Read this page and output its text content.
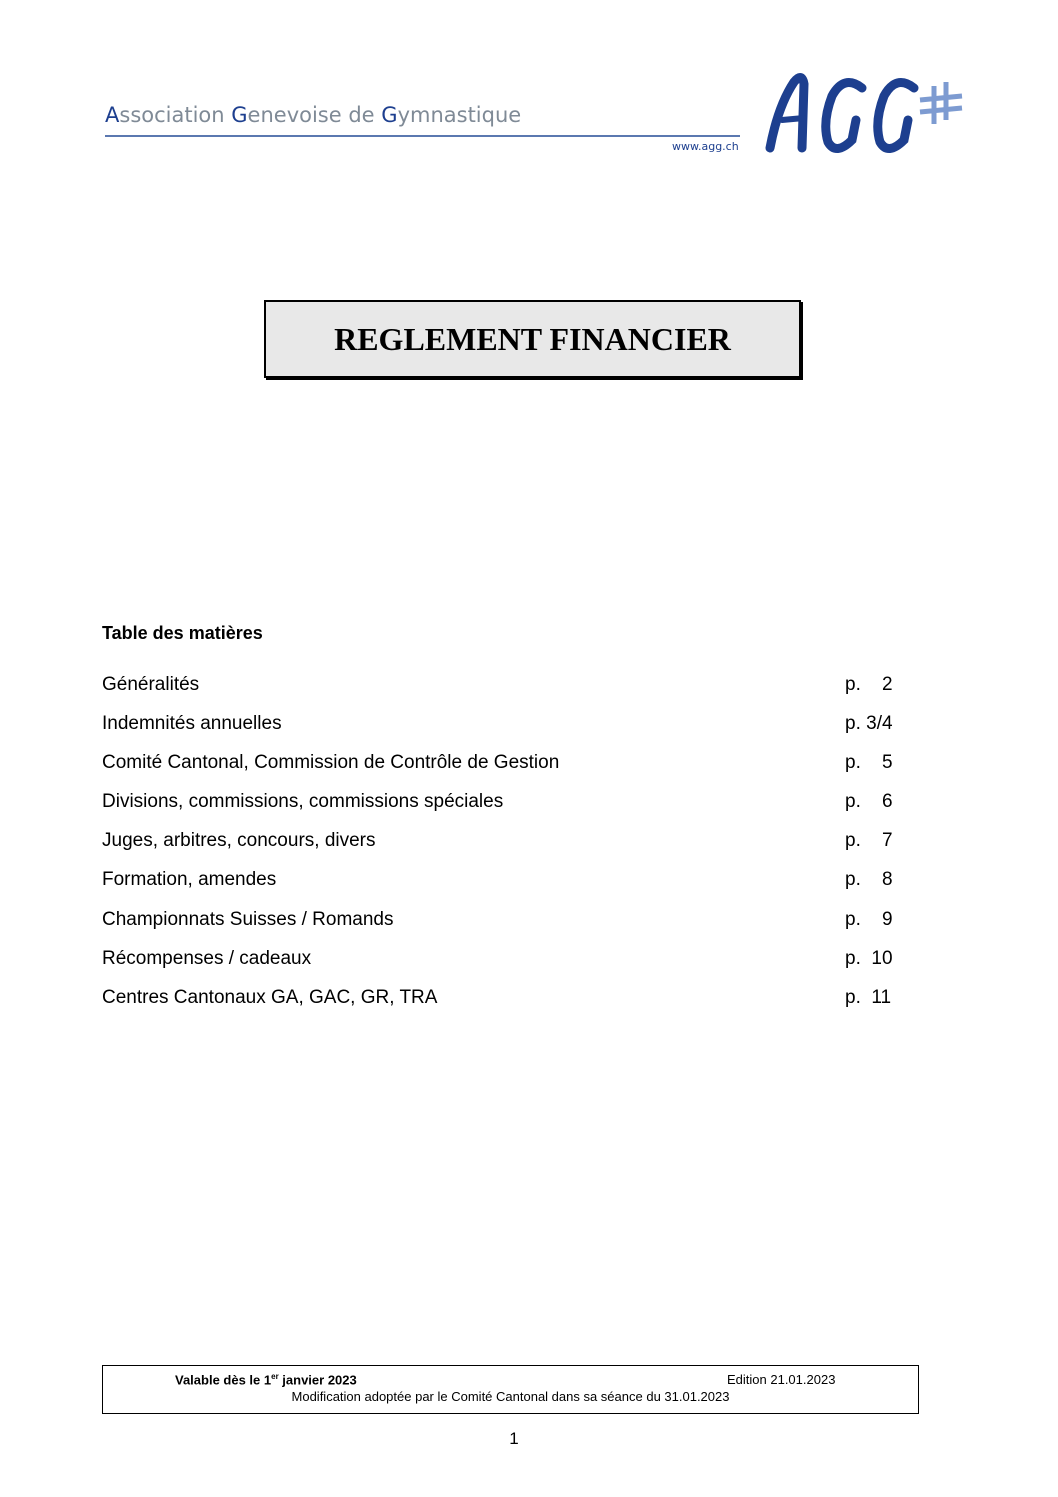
Association Genevoise de Gymnastique
www.agg.ch
REGLEMENT FINANCIER
Table des matières
Généralités	p.    2
Indemnités annuelles	p. 3/4
Comité Cantonal, Commission de Contrôle de Gestion	p.    5
Divisions, commissions, commissions spéciales	p.    6
Juges, arbitres, concours, divers	p.    7
Formation, amendes	p.    8
Championnats Suisses / Romands	p.    9
Récompenses / cadeaux	p.  10
Centres Cantonaux GA, GAC, GR, TRA	p.  11
Valable dès le 1er janvier 2023	Edition 21.01.2023
Modification adoptée par le Comité Cantonal dans sa séance du 31.01.2023
1
